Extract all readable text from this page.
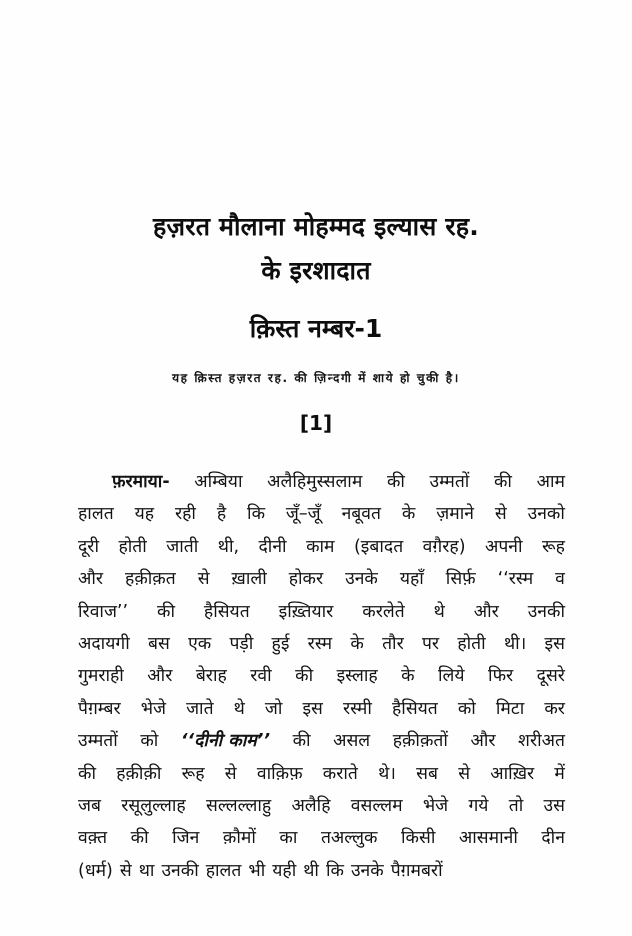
हज़रत मौलाना मोहम्मद इल्यास रह.
के इरशादात
क़िस्त नम्बर-1
यह क़िस्त हज़रत रह. की ज़िन्दगी में शाये हो चुकी है।
[1]
फ़रमाया- अम्बिया अलैहिमुस्सलाम की उम्मतों की आम
हालत यह रही है कि जूँ–जूँ नबूवत के ज़माने से उनको
दूरी होती जाती थी, दीनी काम (इबादत वग़ैरह) अपनी रूह
और हक़ीक़त से ख़ाली होकर उनके यहाँ सिर्फ़ ‘‘रस्म व
रिवाज’’ की हैसियत इख़्तियार करलेते थे और उनकी
अदायगी बस एक पड़ी हुई रस्म के तौर पर होती थी। इस
गुमराही और बेराह रवी की इस्लाह के लिये फिर दूसरे
पैग़म्बर भेजे जाते थे जो इस रस्मी हैसियत को मिटा कर
उम्मतों को ‘‘दीनी काम’’ की असल हक़ीक़तों और शरीअत
की हक़ीक़ी रूह से वाक़िफ़ कराते थे। सब से आख़िर में
जब रसूलुल्लाह सल्लल्लाहु अलैहि वसल्लम भेजे गये तो उस
वक़्त की जिन क़ौमों का तअल्लुक किसी आसमानी दीन
(धर्म) से था उनकी हालत भी यही थी कि उनके पैग़मबरों
